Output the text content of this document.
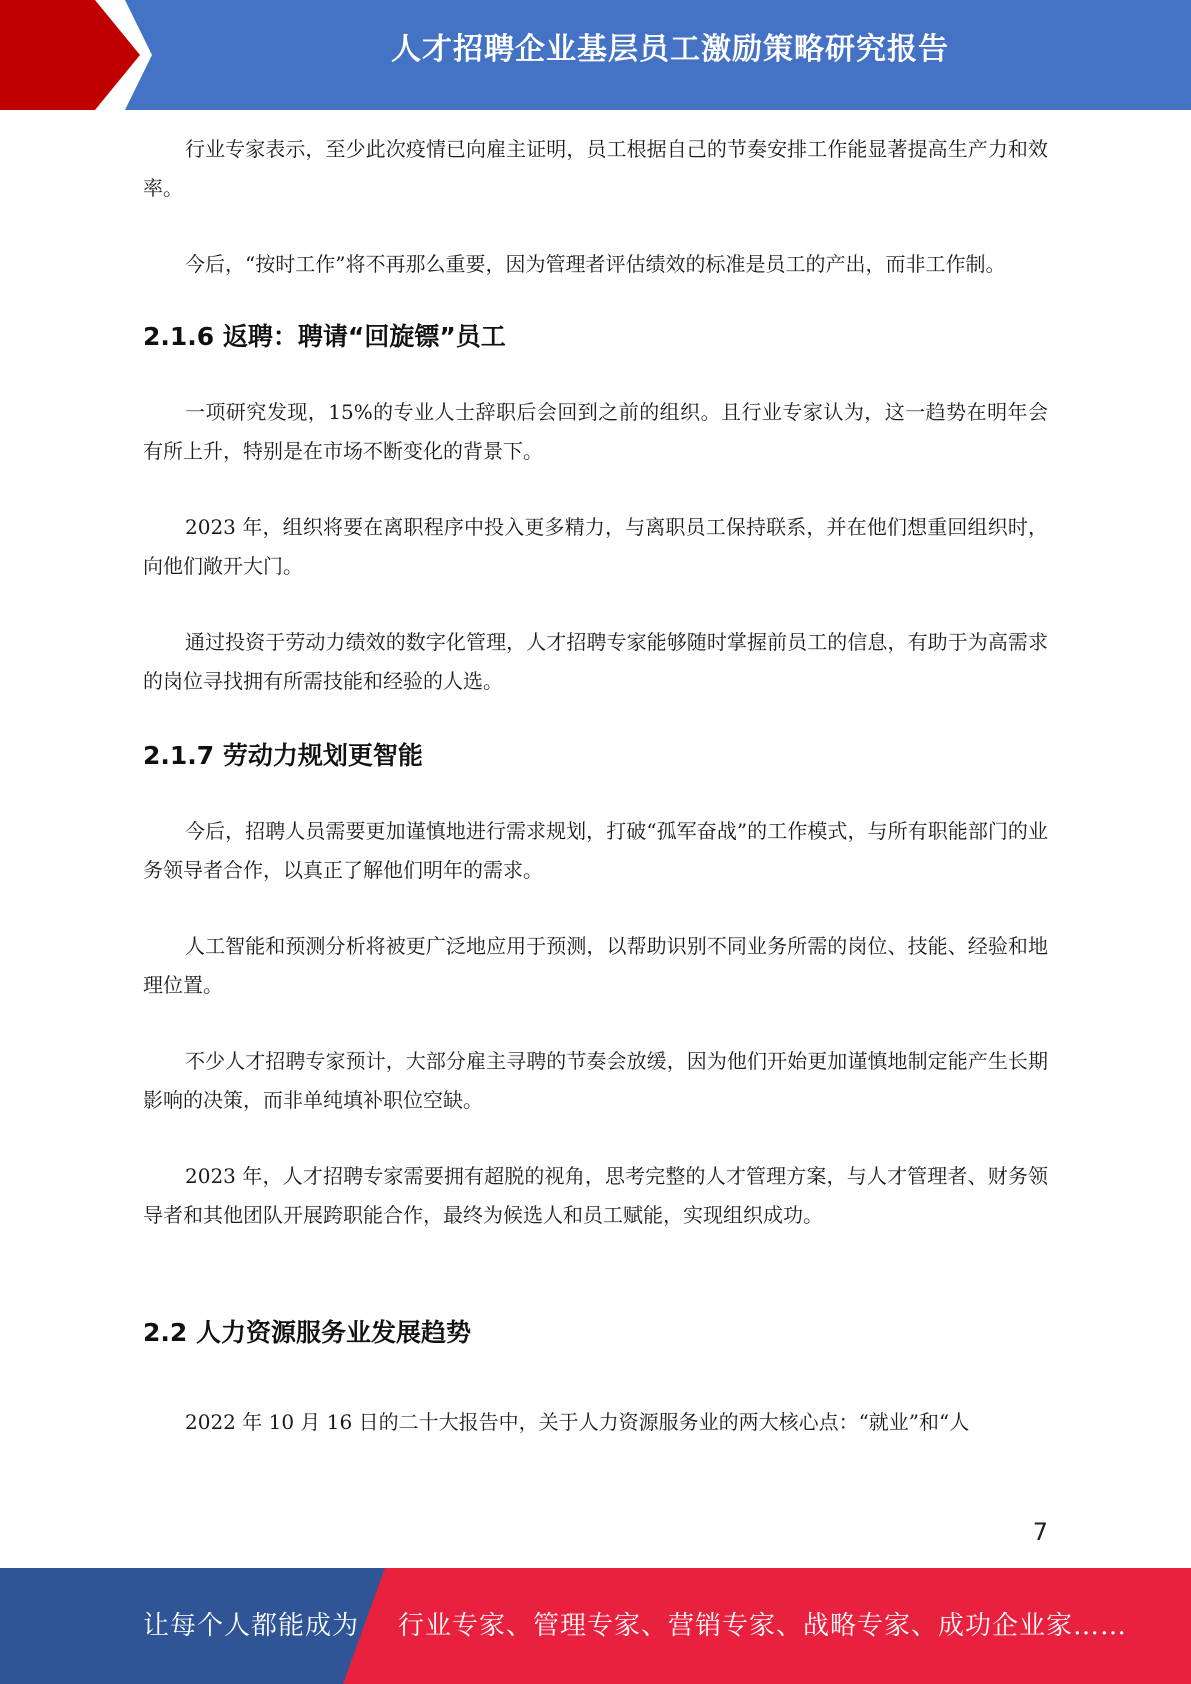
人才招聘企业基层员工激励策略研究报告

行业专家表示，至少此次疫情已向雇主证明，员工根据自己的节奏安排工作能显著提高生产力和效率。

今后，“按时工作”将不再那么重要，因为管理者评估绩效的标准是员工的产出，而非工作制。

2.1.6 返聘：聘请“回旋镖”员工

一项研究发现，15%的专业人士辞职后会回到之前的组织。且行业专家认为，这一趋势在明年会有所上升，特别是在市场不断变化的背景下。

2023 年，组织将要在离职程序中投入更多精力，与离职员工保持联系，并在他们想重回组织时，向他们敞开大门。

通过投资于劳动力绩效的数字化管理，人才招聘专家能够随时掌握前员工的信息，有助于为高需求的岗位寻找拥有所需技能和经验的人选。

2.1.7 劳动力规划更智能

今后，招聘人员需要更加谨慎地进行需求规划，打破“孤军奋战”的工作模式，与所有职能部门的业务领导者合作，以真正了解他们明年的需求。

人工智能和预测分析将被更广泛地应用于预测，以帮助识别不同业务所需的岗位、技能、经验和地理位置。

不少人才招聘专家预计，大部分雇主寻聘的节奏会放缓，因为他们开始更加谨慎地制定能产生长期影响的决策，而非单纯填补职位空缺。

2023 年，人才招聘专家需要拥有超脱的视角，思考完整的人才管理方案，与人才管理者、财务领导者和其他团队开展跨职能合作，最终为候选人和员工赋能，实现组织成功。

2.2 人力资源服务业发展趋势

2022 年 10 月 16 日的二十大报告中，关于人力资源服务业的两大核心点：“就业”和“人

7
让每个人都能成为 行业专家、管理专家、营销专家、战略专家、成功企业家……
